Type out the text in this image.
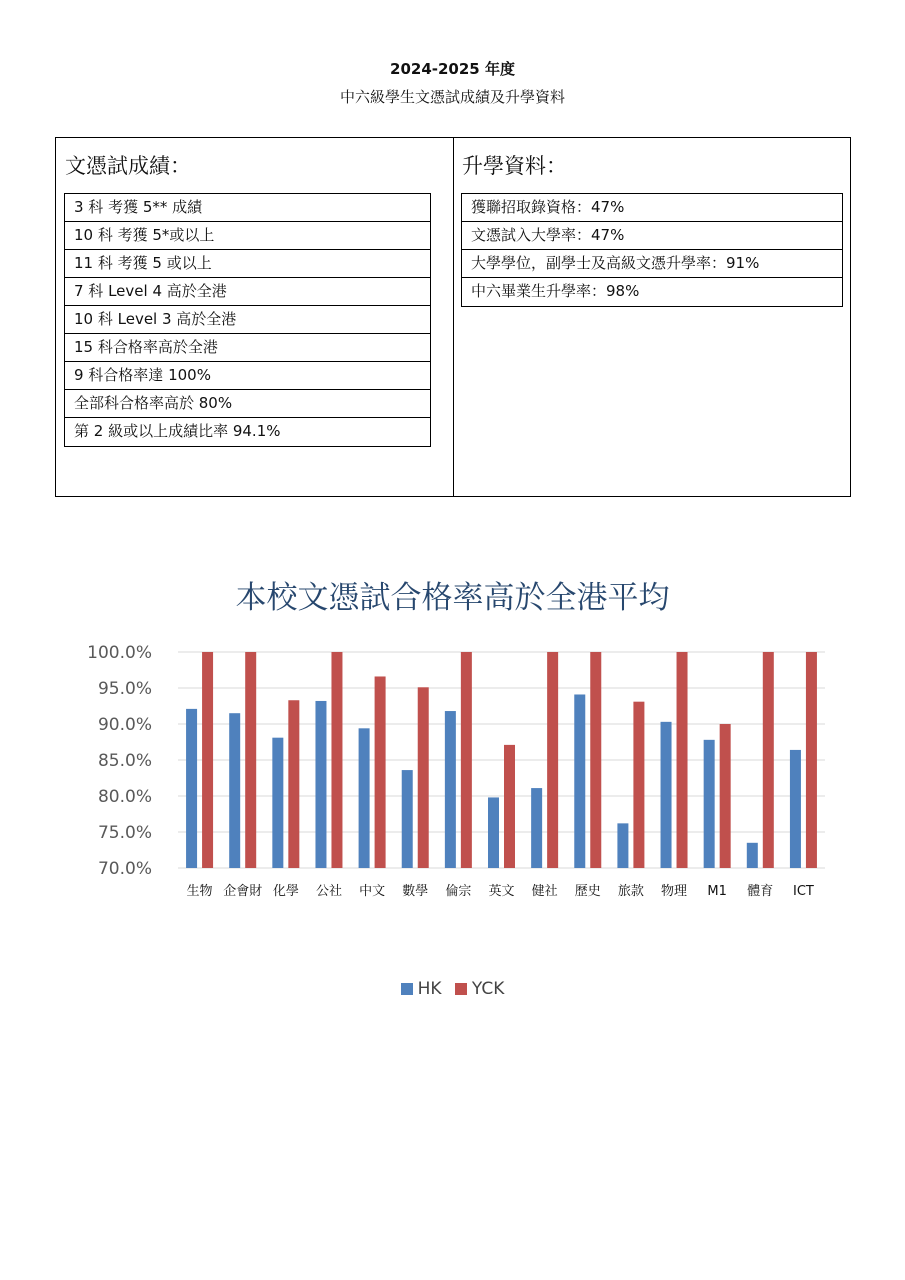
2024-2025 年度
中六級學生文憑試成績及升學資料
文憑試成績：
3 科 考獲 5** 成績
10 科 考獲 5*或以上
11 科 考獲 5 或以上
7 科 Level 4 高於全港
10 科 Level 3 高於全港
15 科合格率高於全港
9 科合格率達 100%
全部科合格率高於 80%
第 2 級或以上成績比率 94.1%
升學資料：
獲聯招取錄資格：47%
文憑試入大學率：47%
大學學位，副學士及高級文憑升學率：91%
中六畢業生升學率：98%
本校文憑試合格率高於全港平均
70.0%
75.0%
80.0%
85.0%
90.0%
95.0%
100.0%
生物 企會財 化學 公社 中文 數學 倫宗 英文 健社 歷史 旅款 物理 M1 體育 ICT
HK YCK
